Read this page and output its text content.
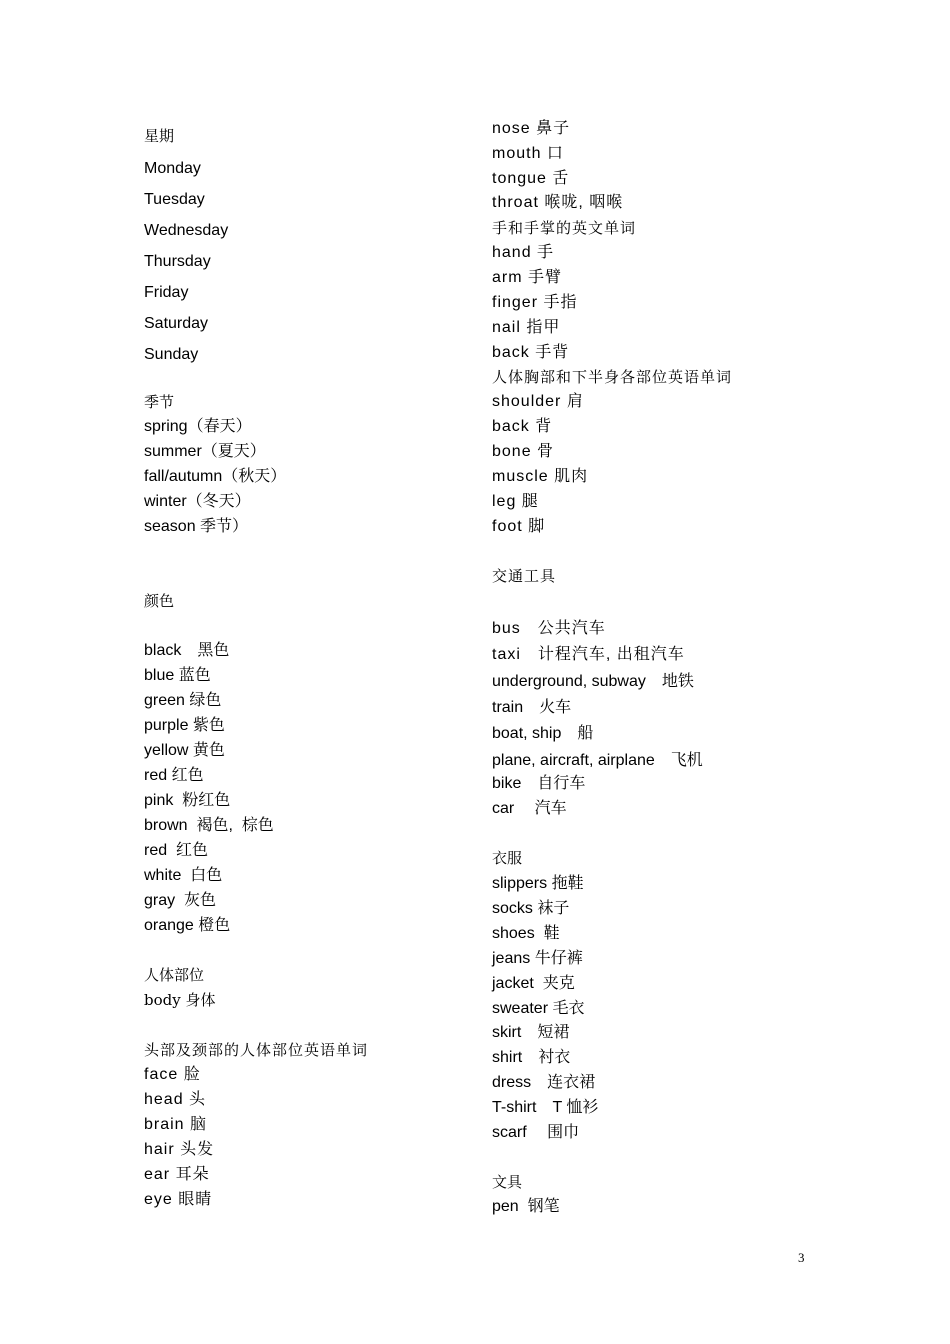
星期

Monday

Tuesday

Wednesday

Thursday

Friday

Saturday

Sunday

季节

spring（春天）

summer（夏天）

fall/autumn（秋天）

winter（冬天）

season 季节）

颜色

black　黑色

blue 蓝色

green 绿色

purple 紫色

yellow 黄色

red 红色

pink  粉红色

brown  褐色,  棕色

red  红色

white  白色

gray  灰色

orange 橙色

人体部位

body 身体

头部及颈部的人体部位英语单词

face 脸

head 头

brain 脑

hair 头发

ear 耳朵

eye 眼睛

nose 鼻子

mouth 口

tongue 舌

throat 喉咙, 咽喉

手和手掌的英文单词

hand 手

arm 手臂

finger 手指

nail 指甲

back 手背

人体胸部和下半身各部位英语单词

shoulder 肩

back 背

bone 骨

muscle 肌肉

leg 腿

foot 脚

交通工具

bus　公共汽车

taxi　计程汽车, 出租汽车

underground, subway　地铁

train　火车

boat, ship　船

plane, aircraft, airplane　飞机

bike　自行车

car　 汽车

衣服

slippers 拖鞋

socks 袜子

shoes  鞋

jeans 牛仔裤

jacket  夹克

sweater 毛衣

skirt　短裙

shirt　衬衣

dress　连衣裙

T-shirt　T 恤衫

scarf　 围巾

文具

pen  钢笔

3
